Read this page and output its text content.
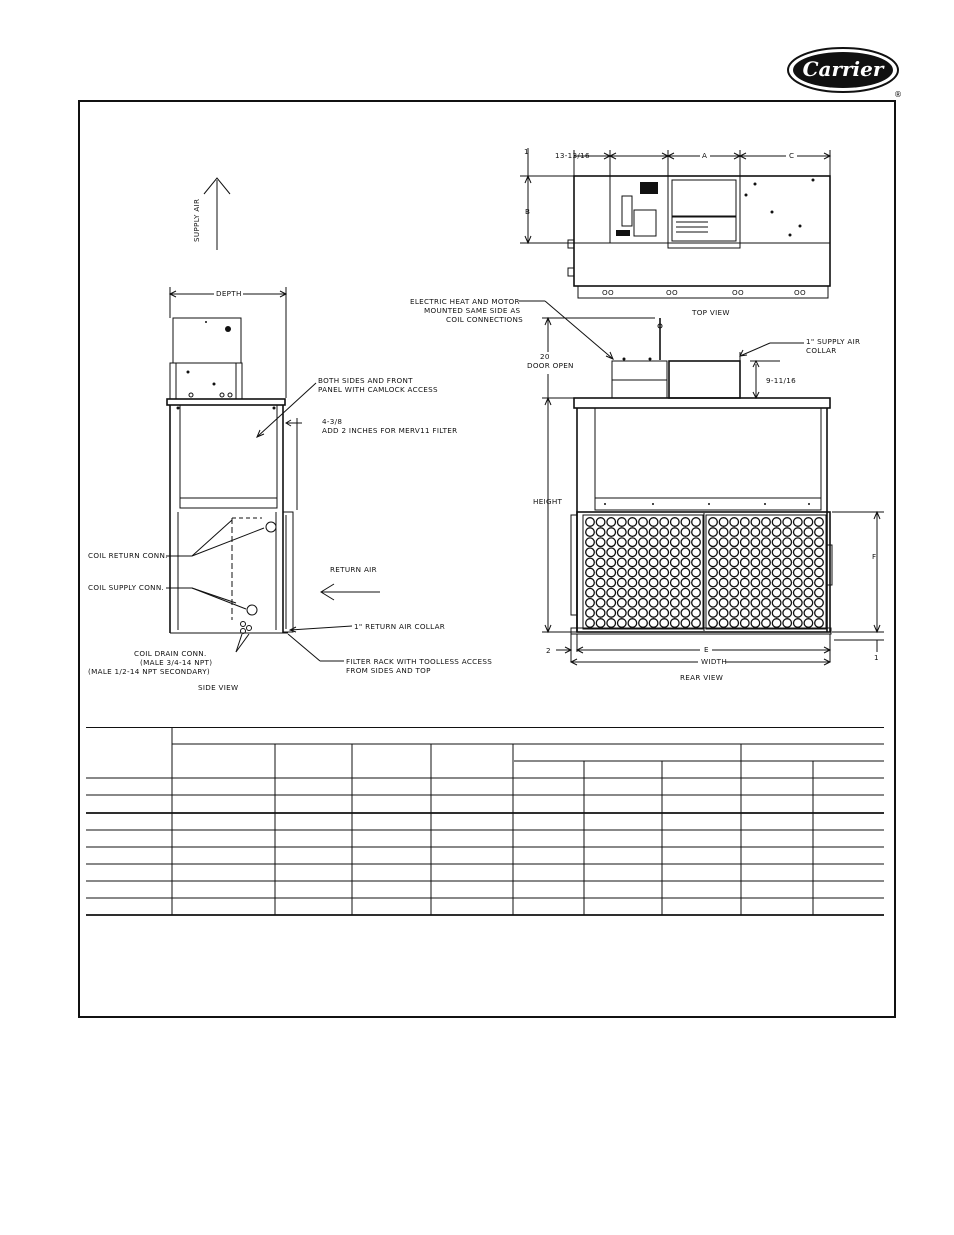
Carrier
®
SUPPLY AIR
DEPTH
BOTH SIDES AND FRONT
PANEL WITH CAMLOCK ACCESS
4-3/8
ADD 2 INCHES FOR MERV11 FILTER
COIL RETURN CONN.
COIL SUPPLY CONN.
RETURN AIR
1" RETURN AIR COLLAR
COIL DRAIN CONN.
(MALE 3/4-14 NPT)
(MALE 1/2-14 NPT SECONDARY)
FILTER RACK WITH TOOLLESS ACCESS
FROM SIDES AND TOP
SIDE VIEW
13-13/16	A	C
1
B
OO	OO	OO	OO
TOP VIEW
ELECTRIC HEAT AND MOTOR
MOUNTED SAME SIDE AS
COIL CONNECTIONS
20
DOOR OPEN
1" SUPPLY AIR
COLLAR
9-11/16
HEIGHT
F
1
E
2
WIDTH
REAR VIEW
